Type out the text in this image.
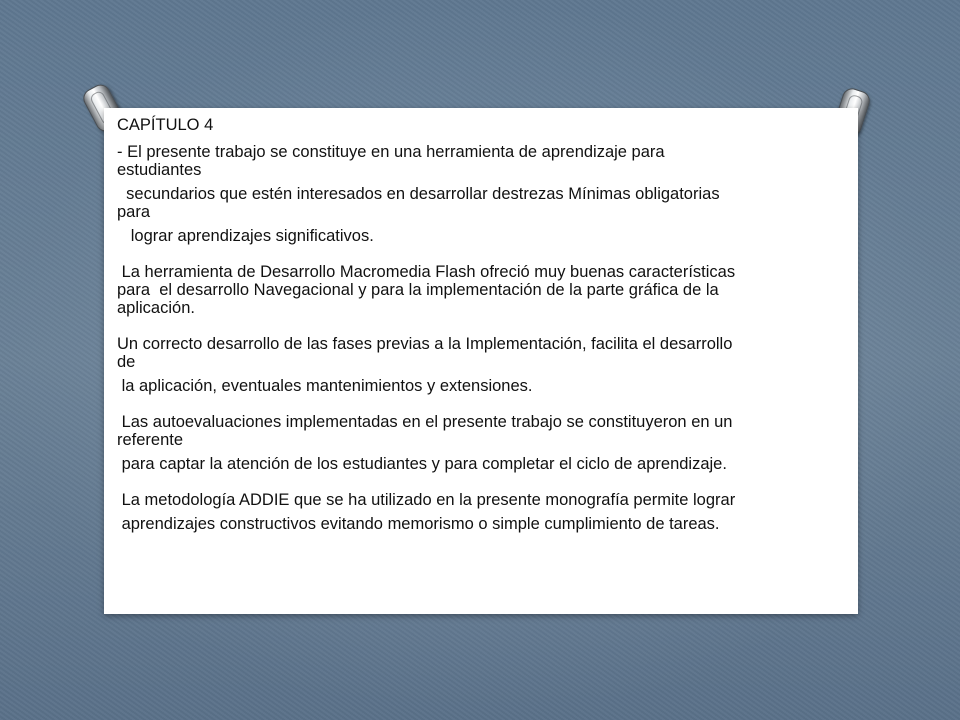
CAPÍTULO 4
- El presente trabajo se constituye en una herramienta de aprendizaje para
estudiantes
secundarios que estén interesados en desarrollar destrezas Mínimas obligatorias
para
lograr aprendizajes significativos.
La herramienta de Desarrollo Macromedia Flash ofreció muy buenas características
para  el desarrollo Navegacional y para la implementación de la parte gráfica de la
aplicación.
Un correcto desarrollo de las fases previas a la Implementación, facilita el desarrollo
de
la aplicación, eventuales mantenimientos y extensiones.
Las autoevaluaciones implementadas en el presente trabajo se constituyeron en un
referente
para captar la atención de los estudiantes y para completar el ciclo de aprendizaje.
La metodología ADDIE que se ha utilizado en la presente monografía permite lograr
aprendizajes constructivos evitando memorismo o simple cumplimiento de tareas.
